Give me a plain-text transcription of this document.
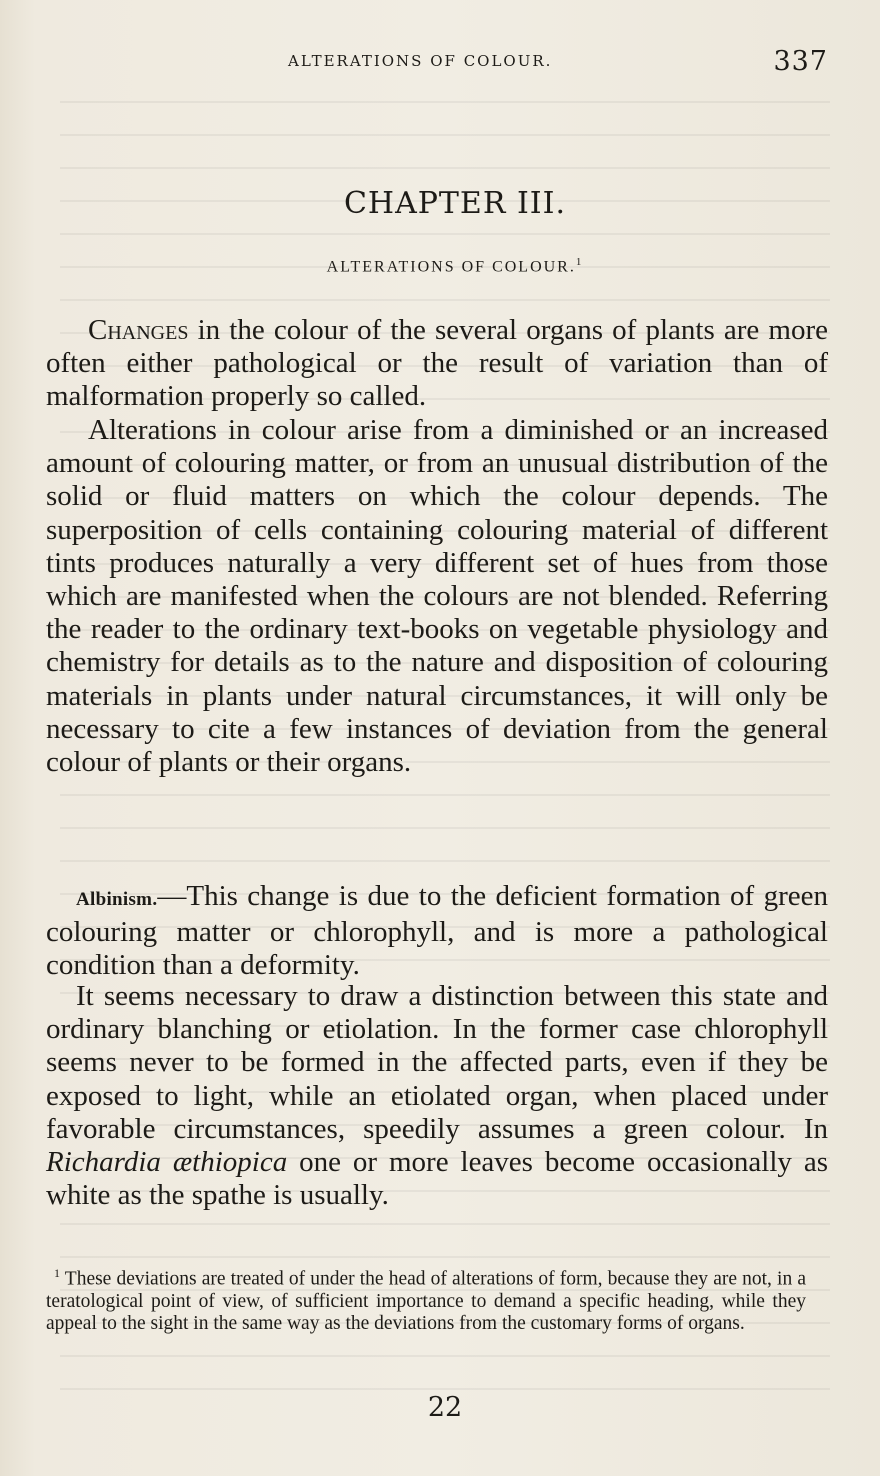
ALTERATIONS OF COLOUR.	337
CHAPTER III.
ALTERATIONS OF COLOUR.$^1$

Changes in the colour of the several organs of plants are more often either pathological or the result of variation than of malformation properly so called.

Alterations in colour arise from a diminished or an increased amount of colouring matter, or from an unusual distribution of the solid or fluid matters on which the colour depends. The superposition of cells containing colouring material of different tints produces naturally a very different set of hues from those which are manifested when the colours are not blended. Referring the reader to the ordinary text-books on vegetable physiology and chemistry for details as to the nature and disposition of colouring materials in plants under natural circumstances, it will only be necessary to cite a few instances of deviation from the general colour of plants or their organs.

Albinism.—This change is due to the deficient formation of green colouring matter or chlorophyll, and is more a pathological condition than a deformity.

It seems necessary to draw a distinction between this state and ordinary blanching or etiolation. In the former case chlorophyll seems never to be formed in the affected parts, even if they be exposed to light, while an etiolated organ, when placed under favorable circumstances, speedily assumes a green colour. In Richardia æthiopica one or more leaves become occasionally as white as the spathe is usually.

$^1$ These deviations are treated of under the head of alterations of form, because they are not, in a teratological point of view, of sufficient importance to demand a specific heading, while they appeal to the sight in the same way as the deviations from the customary forms of organs.

22
